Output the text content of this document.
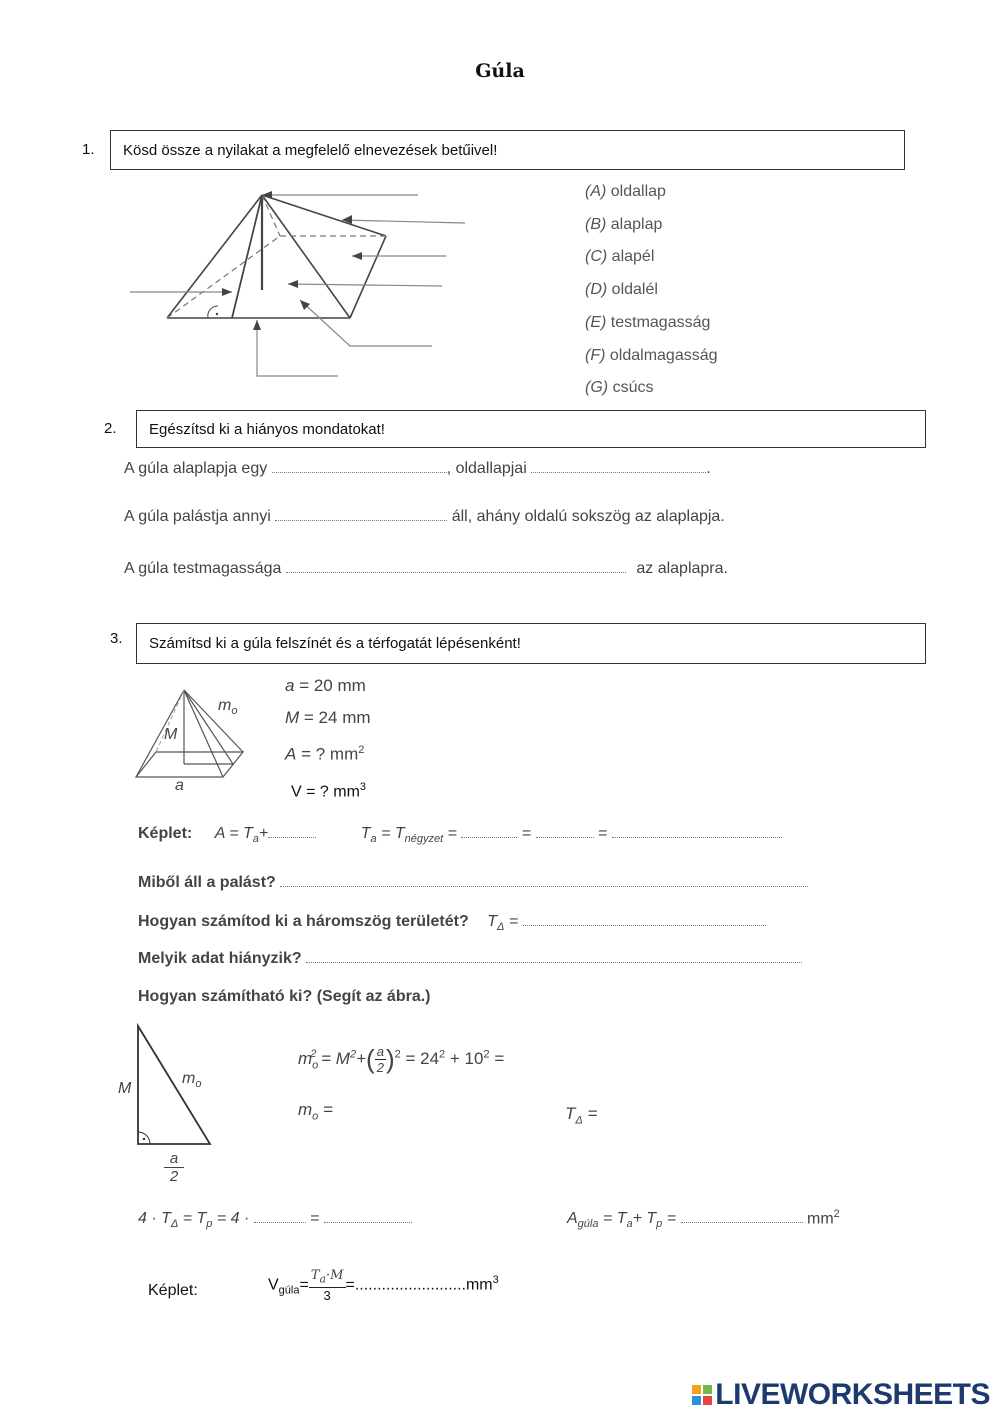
Gúla
1. Kösd össze a nyilakat a megfelelő elnevezések betűivel!
(A) oldallap
(B) alaplap
(C) alapél
(D) oldalél
(E) testmagasság
(F) oldalmagasság
(G) csúcs
2. Egészítsd ki a hiányos mondatokat!
A gúla alaplapja egy	, oldallapjai	.
A gúla palástja annyi	áll, ahány oldalú sokszög az alaplapja.
A gúla testmagassága	az alaplapra.
3. Számítsd ki a gúla felszínét és a térfogatát lépésenként!
$m_o$
M
a
a = 20 mm
M = 24 mm
A = ? $mm^2$
V = ? $mm^3$
Képlet: $A = T_a+$	$T_a = T_{négyzet}$ =	=	=
Miből áll a palást?
Hogyan számítod ki a háromszög területét? $T_\Delta$ =
Melyik adat hiányzik?
Hogyan számítható ki? (Segít az ábra.)
M
$m_o$
a
2
$m_o^2 = M^2+( \frac{a}{2} )^2 = 24^2 + 10^2$ =
$m_o$ =	$T_\Delta$ =
$4 \cdot T_\Delta = T_p = 4$ ·	=	$A_{gúla} = T_a+ T_p$ =	$mm^2$
Képlet:	$V_{gúla}= \frac{T_a\cdot M}{3} =.........................mm^3$
LIVEWORKSHEETS
